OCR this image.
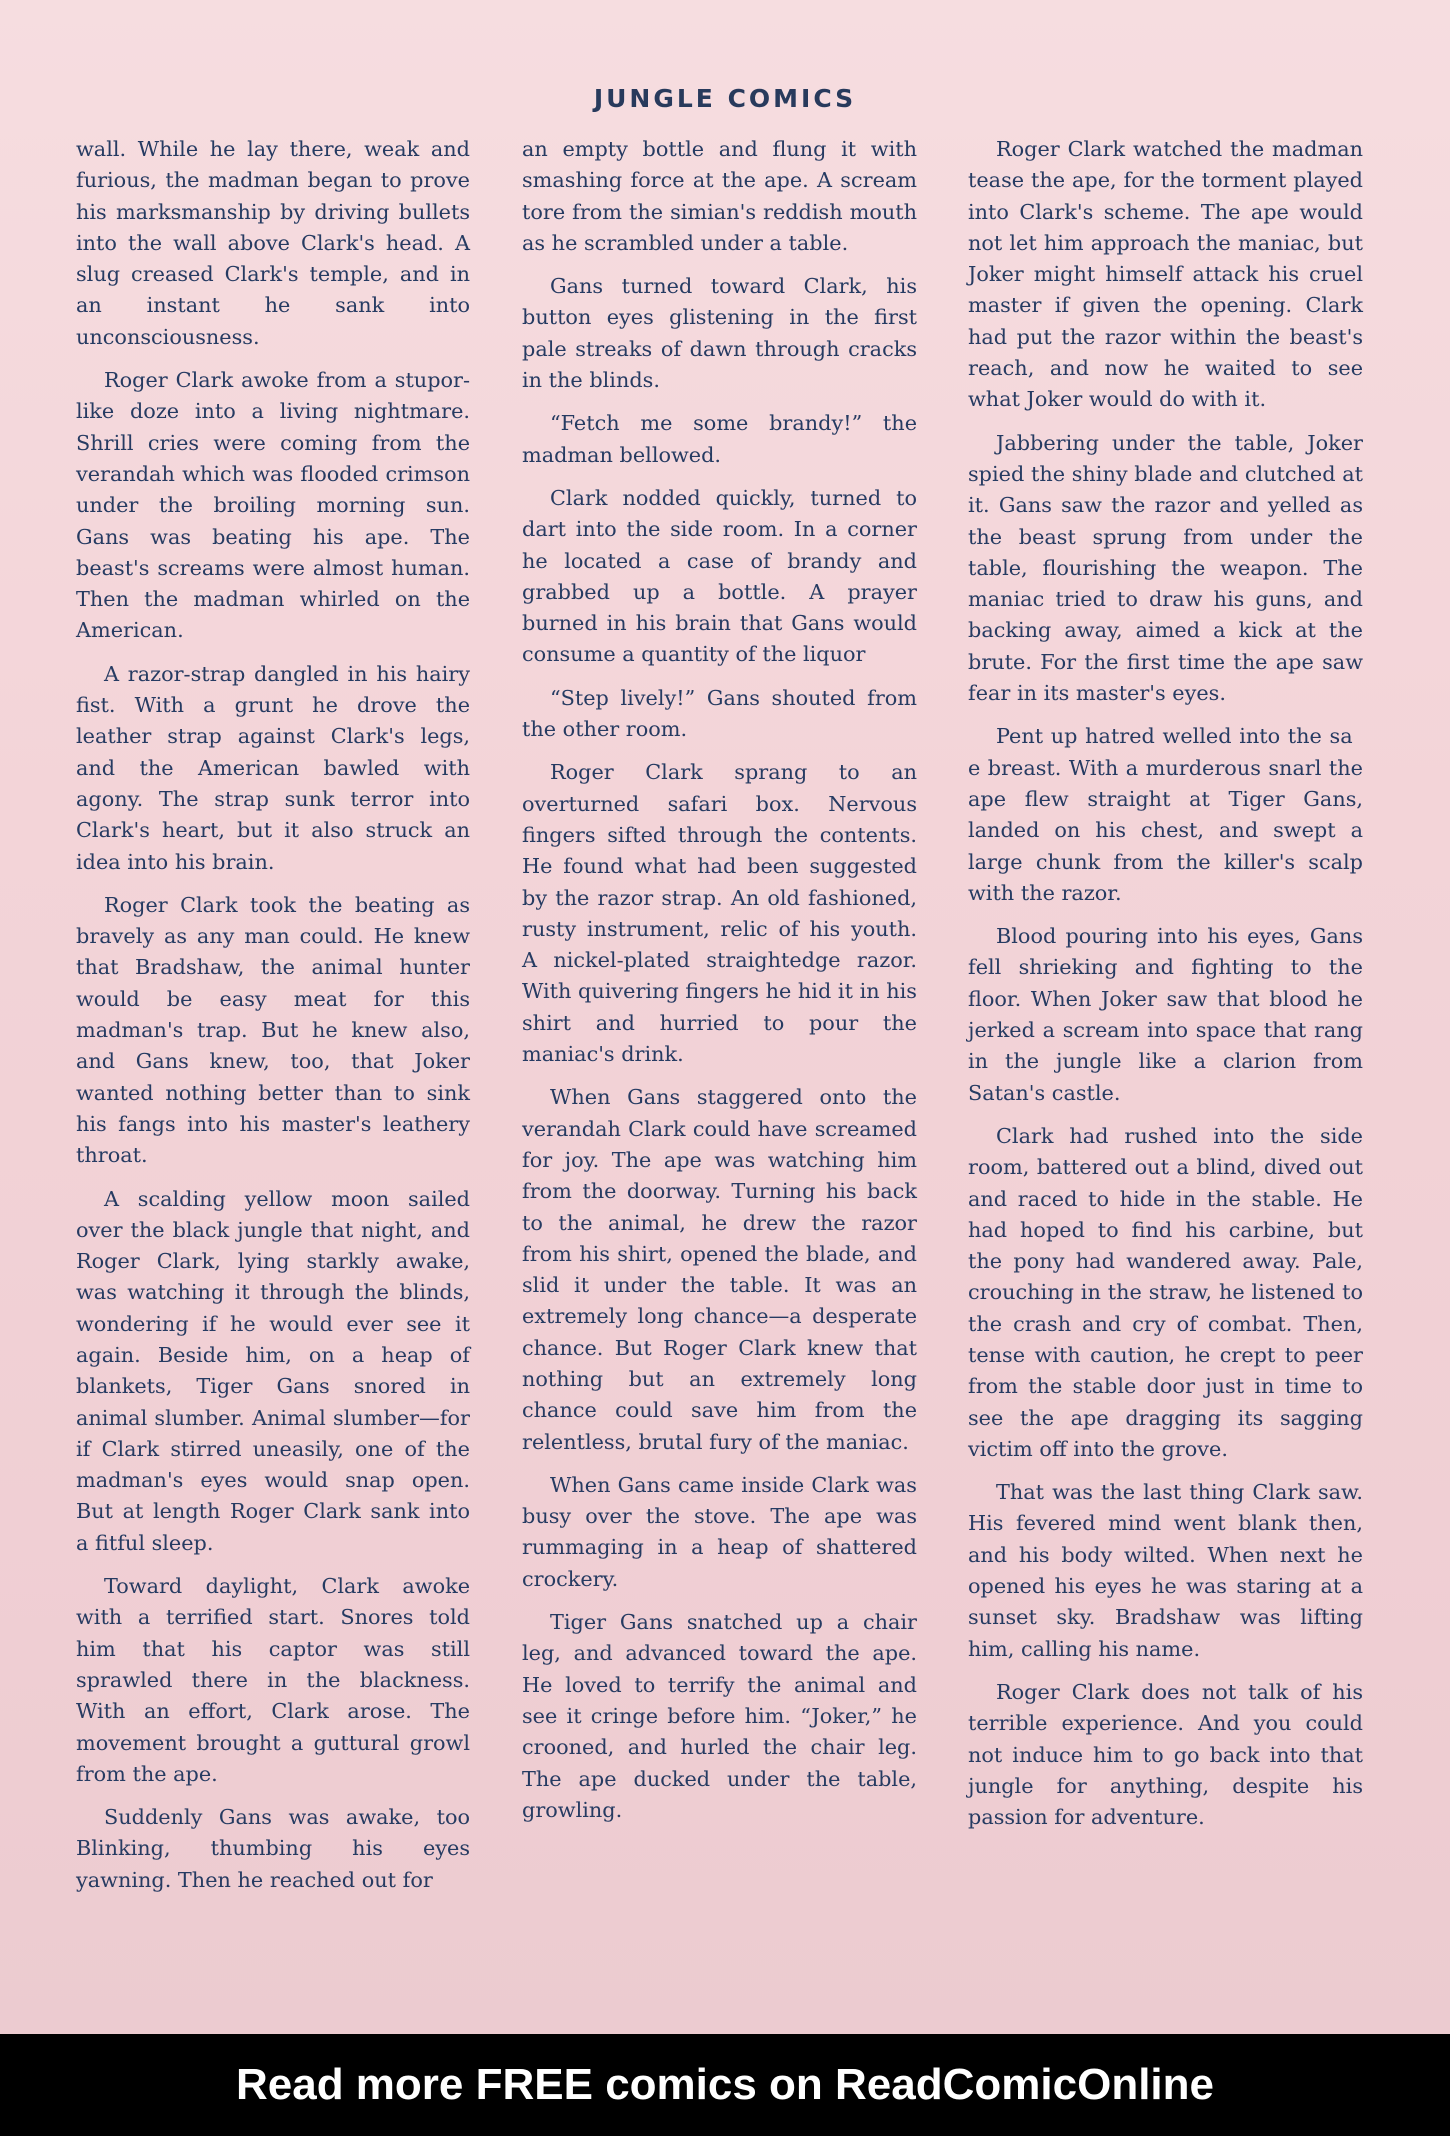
JUNGLE COMICS

wall. While he lay there, weak and furious, the madman began to prove his marksmanship by driving bullets into the wall above Clark's head. A slug creased Clark's temple, and in an instant he sank into unconsciousness.

Roger Clark awoke from a stupor-like doze into a living nightmare. Shrill cries were coming from the verandah which was flooded crimson under the broiling morning sun. Gans was beating his ape. The beast's screams were almost human. Then the madman whirled on the American.

A razor-strap dangled in his hairy fist. With a grunt he drove the leather strap against Clark's legs, and the American bawled with agony. The strap sunk terror into Clark's heart, but it also struck an idea into his brain.

Roger Clark took the beating as bravely as any man could. He knew that Bradshaw, the animal hunter would be easy meat for this madman's trap. But he knew also, and Gans knew, too, that Joker wanted nothing better than to sink his fangs into his master's leathery throat.

A scalding yellow moon sailed over the black jungle that night, and Roger Clark, lying starkly awake, was watching it through the blinds, wondering if he would ever see it again. Beside him, on a heap of blankets, Tiger Gans snored in animal slumber. Animal slumber—for if Clark stirred uneasily, one of the madman's eyes would snap open. But at length Roger Clark sank into a fitful sleep.

Toward daylight, Clark awoke with a terrified start. Snores told him that his captor was still sprawled there in the blackness. With an effort, Clark arose. The movement brought a guttural growl from the ape.

Suddenly Gans was awake, too Blinking, thumbing his eyes yawning. Then he reached out for

an empty bottle and flung it with smashing force at the ape. A scream tore from the simian's reddish mouth as he scrambled under a table.

Gans turned toward Clark, his button eyes glistening in the first pale streaks of dawn through cracks in the blinds.

“Fetch me some brandy!” the madman bellowed.

Clark nodded quickly, turned to dart into the side room. In a corner he located a case of brandy and grabbed up a bottle. A prayer burned in his brain that Gans would consume a quantity of the liquor

“Step lively!” Gans shouted from the other room.

Roger Clark sprang to an overturned safari box. Nervous fingers sifted through the contents. He found what had been suggested by the razor strap. An old fashioned, rusty instrument, relic of his youth. A nickel-plated straightedge razor. With quivering fingers he hid it in his shirt and hurried to pour the maniac's drink.

When Gans staggered onto the verandah Clark could have screamed for joy. The ape was watching him from the doorway. Turning his back to the animal, he drew the razor from his shirt, opened the blade, and slid it under the table. It was an extremely long chance—a desperate chance. But Roger Clark knew that nothing but an extremely long chance could save him from the relentless, brutal fury of the maniac.

When Gans came inside Clark was busy over the stove. The ape was rummaging in a heap of shattered crockery.

Tiger Gans snatched up a chair leg, and advanced toward the ape. He loved to terrify the animal and see it cringe before him. “Joker,” he crooned, and hurled the chair leg. The ape ducked under the table, growling.

Roger Clark watched the madman tease the ape, for the torment played into Clark's scheme. The ape would not let him approach the maniac, but Joker might himself attack his cruel master if given the opening. Clark had put the razor within the beast's reach, and now he waited to see what Joker would do with it.

Jabbering under the table, Joker spied the shiny blade and clutched at it. Gans saw the razor and yelled as the beast sprung from under the table, flourishing the weapon. The maniac tried to draw his guns, and backing away, aimed a kick at the brute. For the first time the ape saw fear in its master's eyes.

Pent up hatred welled into the sa e breast. With a murderous snarl the ape flew straight at Tiger Gans, landed on his chest, and swept a large chunk from the killer's scalp with the razor.

Blood pouring into his eyes, Gans fell shrieking and fighting to the floor. When Joker saw that blood he jerked a scream into space that rang in the jungle like a clarion from Satan's castle.

Clark had rushed into the side room, battered out a blind, dived out and raced to hide in the stable. He had hoped to find his carbine, but the pony had wandered away. Pale, crouching in the straw, he listened to the crash and cry of combat. Then, tense with caution, he crept to peer from the stable door just in time to see the ape dragging its sagging victim off into the grove.

That was the last thing Clark saw. His fevered mind went blank then, and his body wilted. When next he opened his eyes he was staring at a sunset sky. Bradshaw was lifting him, calling his name.

Roger Clark does not talk of his terrible experience. And you could not induce him to go back into that jungle for anything, despite his passion for adventure.

Read more FREE comics on ReadComicOnline
